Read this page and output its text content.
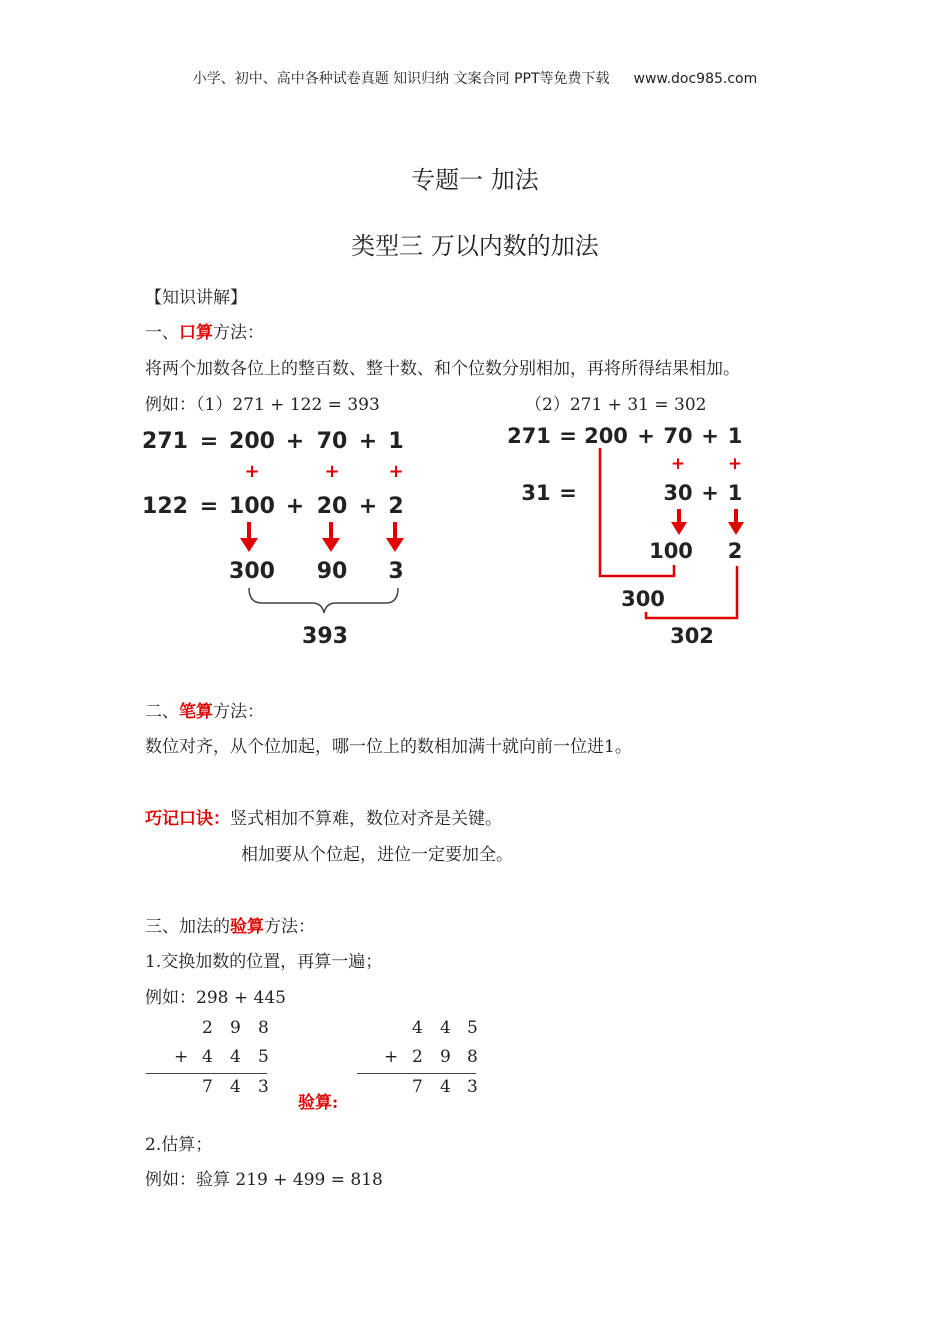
小学、初中、高中各种试卷真题 知识归纳 文案合同 PPT等免费下载 www.doc985.com
专题一 加法
类型三 万以内数的加法
【知识讲解】
一、口算方法：
将两个加数各位上的整百数、整十数、和个位数分别相加，再将所得结果相加。
例如：（1）271 + 122 = 393	（2）271 + 31 = 302
271 = 200 + 70 + 1
122 = 100 + 20 + 2
300 90 3
393
+	+	+
271 = 200 + 70 + 1
31 =	30 + 1
100 2
300
302
+	+
二、笔算方法：
数位对齐，从个位加起，哪一位上的数相加满十就向前一位进1。
巧记口诀：竖式相加不算难，数位对齐是关键。
相加要从个位起，进位一定要加全。
三、加法的验算方法：
1.交换加数的位置，再算一遍；
例如：298 + 445
2 9 8
+ 4 4 5
7 4 3
验算:
4 4 5
+ 2 9 8
7 4 3
2.估算；
例如：验算 219 + 499 = 818
